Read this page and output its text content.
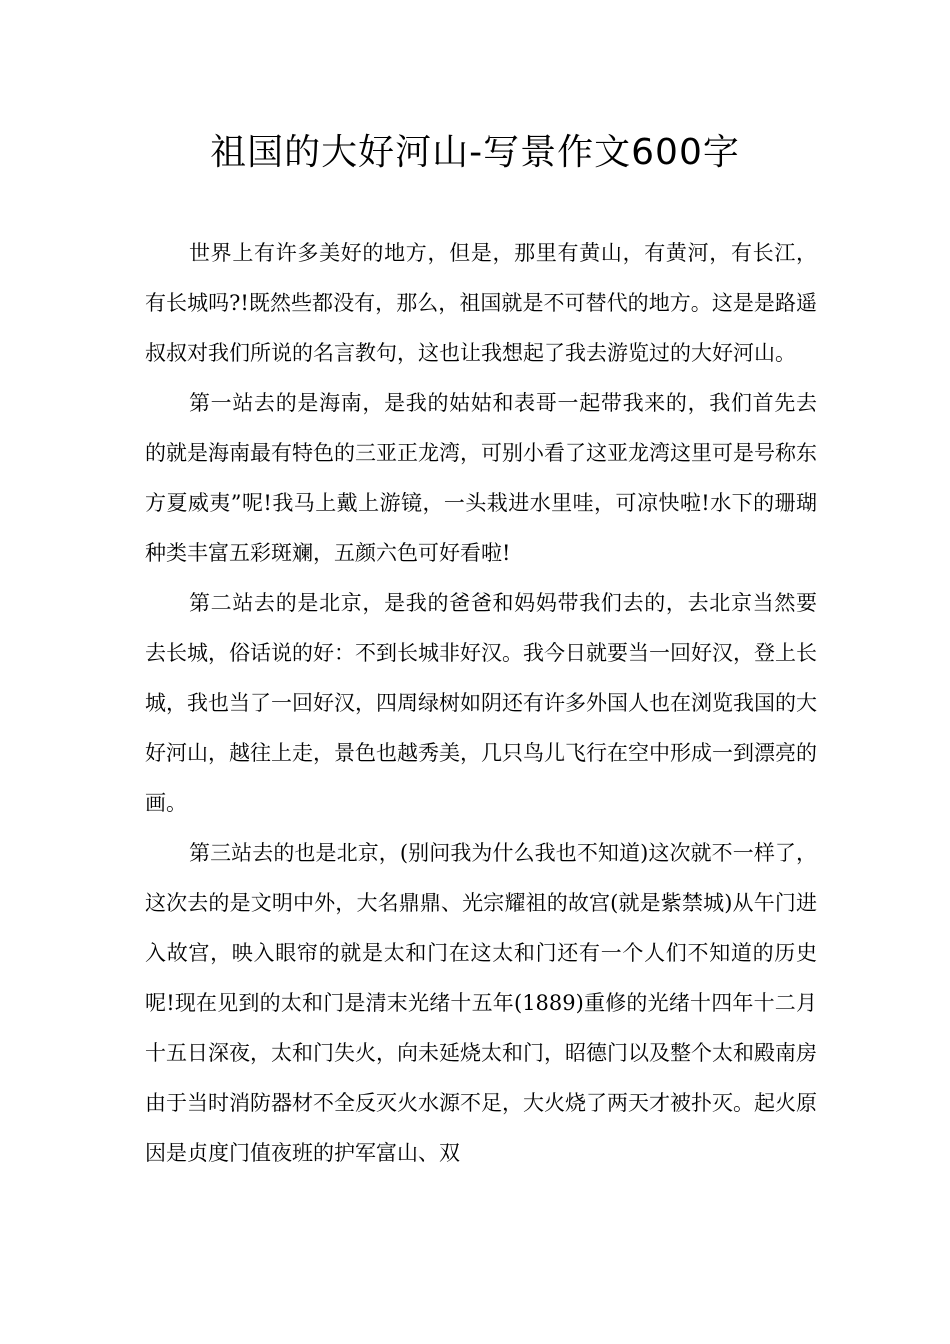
祖国的大好河山-写景作文600字

世界上有许多美好的地方，但是，那里有黄山，有黄河，有长江，有长城吗?!既然些都没有，那么，祖国就是不可替代的地方。这是是路遥叔叔对我们所说的名言教句，这也让我想起了我去游览过的大好河山。

第一站去的是海南，是我的姑姑和表哥一起带我来的，我们首先去的就是海南最有特色的三亚正龙湾，可别小看了这亚龙湾这里可是号称东方夏威夷”呢!我马上戴上游镜，一头栽进水里哇，可凉快啦!水下的珊瑚种类丰富五彩斑斓，五颜六色可好看啦!

第二站去的是北京，是我的爸爸和妈妈带我们去的，去北京当然要去长城，俗话说的好：不到长城非好汉。我今日就要当一回好汉，登上长城，我也当了一回好汉，四周绿树如阴还有许多外国人也在浏览我国的大好河山，越往上走，景色也越秀美，几只鸟儿飞行在空中形成一到漂亮的画。

第三站去的也是北京，(别问我为什么我也不知道)这次就不一样了，这次去的是文明中外，大名鼎鼎、光宗耀祖的故宫(就是紫禁城)从午门进入故宫，映入眼帘的就是太和门在这太和门还有一个人们不知道的历史呢!现在见到的太和门是清末光绪十五年(1889)重修的光绪十四年十二月十五日深夜，太和门失火，向未延烧太和门，昭德门以及整个太和殿南房由于当时消防器材不全反灭火水源不足，大火烧了两天才被扑灭。起火原因是贞度门值夜班的护军富山、双
